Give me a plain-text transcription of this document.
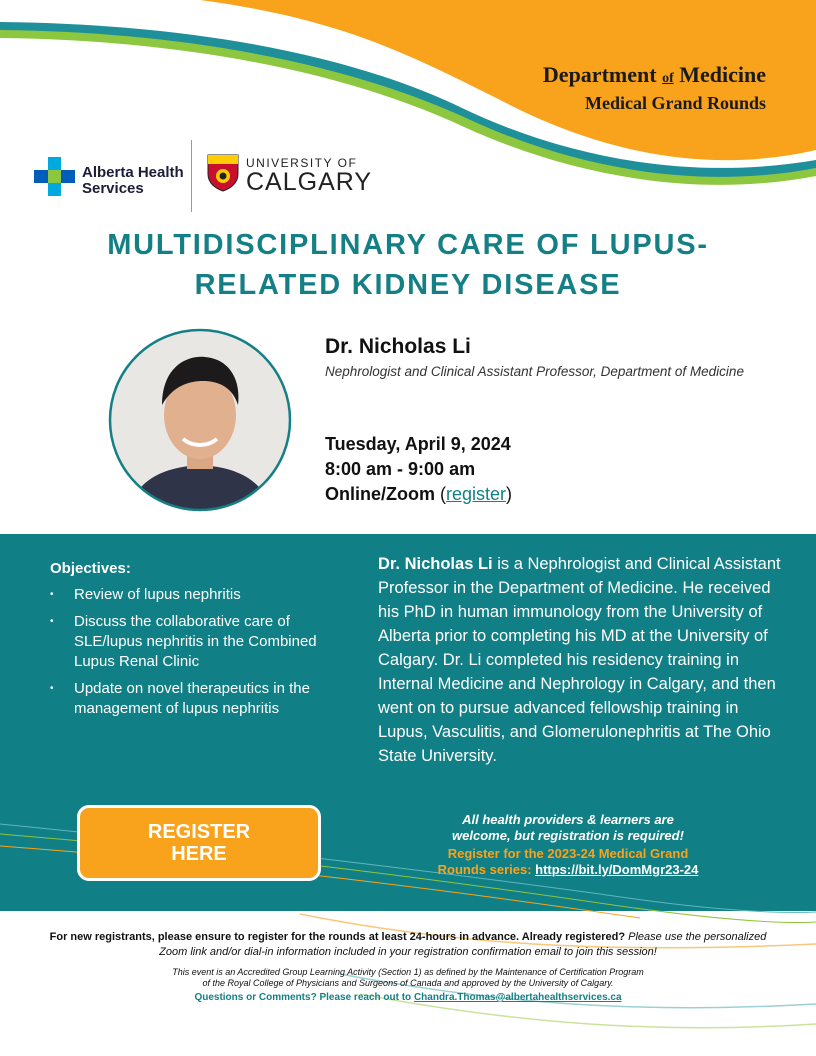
Department of Medicine
Medical Grand Rounds
Alberta Health
Services
UNIVERSITY OF
CALGARY
MULTIDISCIPLINARY CARE OF LUPUS-
RELATED KIDNEY DISEASE
Dr. Nicholas Li
Nephrologist and Clinical Assistant Professor, Department of Medicine
Tuesday, April 9, 2024
8:00 am - 9:00 am
Online/Zoom (register)
Objectives:
• Review of lupus nephritis
• Discuss the collaborative care of SLE/lupus nephritis in the Combined Lupus Renal Clinic
• Update on novel therapeutics in the management of lupus nephritis
Dr. Nicholas Li is a Nephrologist and Clinical Assistant Professor in the Department of Medicine. He received his PhD in human immunology from the University of Alberta prior to completing his MD at the University of Calgary. Dr. Li completed his residency training in Internal Medicine and Nephrology in Calgary, and then went on to pursue advanced fellowship training in Lupus, Vasculitis, and Glomerulonephritis at The Ohio State University.
REGISTER
HERE
All health providers & learners are
welcome, but registration is required!
Register for the 2023-24 Medical Grand
Rounds series: https://bit.ly/DomMgr23-24
For new registrants, please ensure to register for the rounds at least 24-hours in advance. Already registered? Please use the personalized Zoom link and/or dial-in information included in your registration confirmation email to join this session!
This event is an Accredited Group Learning Activity (Section 1) as defined by the Maintenance of Certification Program
of the Royal College of Physicians and Surgeons of Canada and approved by the University of Calgary.
Questions or Comments? Please reach out to Chandra.Thomas@albertahealthservices.ca
